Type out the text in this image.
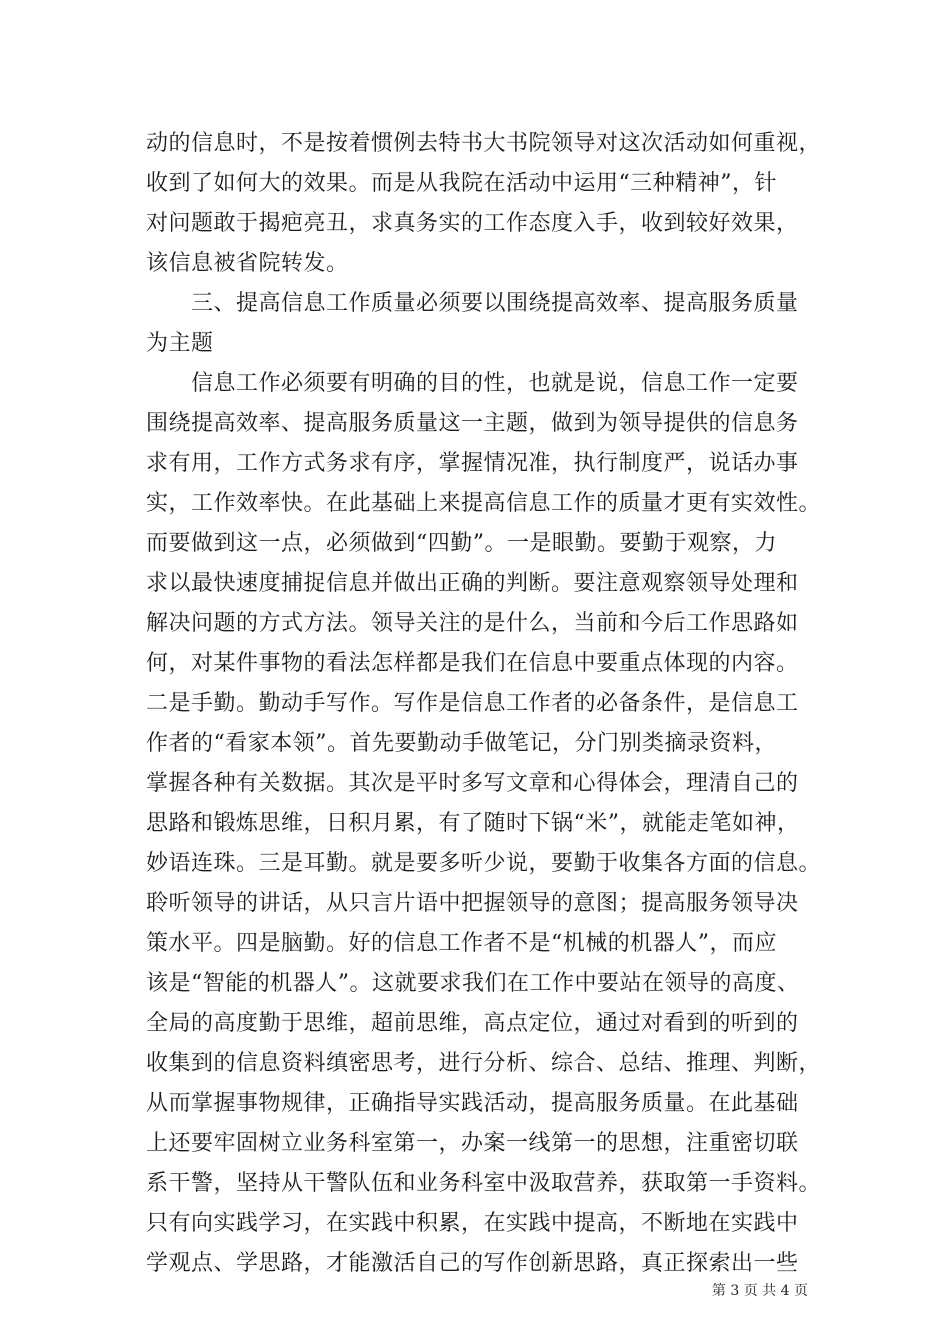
动的信息时，不是按着惯例去特书大书院领导对这次活动如何重视，
收到了如何大的效果。而是从我院在活动中运用“三种精神”，针
对问题敢于揭疤亮丑，求真务实的工作态度入手，收到较好效果，
该信息被省院转发。
　　三、提高信息工作质量必须要以围绕提高效率、提高服务质量
为主题
　　信息工作必须要有明确的目的性，也就是说，信息工作一定要
围绕提高效率、提高服务质量这一主题，做到为领导提供的信息务
求有用，工作方式务求有序，掌握情况准，执行制度严，说话办事
实，工作效率快。在此基础上来提高信息工作的质量才更有实效性。
而要做到这一点，必须做到“四勤”。一是眼勤。要勤于观察，力
求以最快速度捕捉信息并做出正确的判断。要注意观察领导处理和
解决问题的方式方法。领导关注的是什么，当前和今后工作思路如
何，对某件事物的看法怎样都是我们在信息中要重点体现的内容。
二是手勤。勤动手写作。写作是信息工作者的必备条件，是信息工
作者的“看家本领”。首先要勤动手做笔记，分门别类摘录资料，
掌握各种有关数据。其次是平时多写文章和心得体会，理清自己的
思路和锻炼思维，日积月累，有了随时下锅“米”，就能走笔如神，
妙语连珠。三是耳勤。就是要多听少说，要勤于收集各方面的信息。
聆听领导的讲话，从只言片语中把握领导的意图；提高服务领导决
策水平。四是脑勤。好的信息工作者不是“机械的机器人”，而应
该是“智能的机器人”。这就要求我们在工作中要站在领导的高度、
全局的高度勤于思维，超前思维，高点定位，通过对看到的听到的
收集到的信息资料缜密思考，进行分析、综合、总结、推理、判断，
从而掌握事物规律，正确指导实践活动，提高服务质量。在此基础
上还要牢固树立业务科室第一，办案一线第一的思想，注重密切联
系干警，坚持从干警队伍和业务科室中汲取营养，获取第一手资料。
只有向实践学习，在实践中积累，在实践中提高，不断地在实践中
学观点、学思路，才能激活自己的写作创新思路，真正探索出一些
第 3 页 共 4 页
